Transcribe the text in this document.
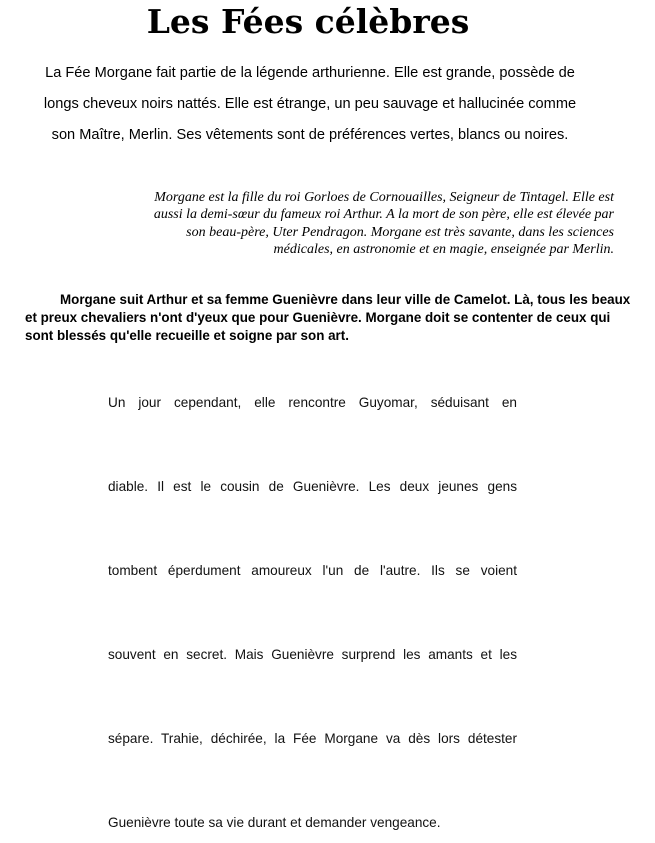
Les Fées célèbres

La Fée Morgane fait partie de la légende arthurienne. Elle est grande, possède de longs cheveux noirs nattés. Elle est étrange, un peu sauvage et hallucinée comme son Maître, Merlin. Ses vêtements sont de préférences vertes, blancs ou noires.

Morgane est la fille du roi Gorloes de Cornouailles, Seigneur de Tintagel. Elle est aussi la demi-sœur du fameux roi Arthur. A la mort de son père, elle est élevée par son beau-père, Uter Pendragon. Morgane est très savante, dans les sciences médicales, en astronomie et en magie, enseignée par Merlin.

Morgane suit Arthur et sa femme Guenièvre dans leur ville de Camelot. Là, tous les beaux et preux chevaliers n'ont d'yeux que pour Guenièvre. Morgane doit se contenter de ceux qui sont blessés qu'elle recueille et soigne par son art.

Un jour cependant, elle rencontre Guyomar, séduisant en

diable. Il est le cousin de Guenièvre. Les deux jeunes gens

tombent éperdument amoureux l'un de l'autre. Ils se voient

souvent en secret. Mais Guenièvre surprend les amants et les

sépare. Trahie, déchirée, la Fée Morgane va dès lors détester

Guenièvre toute sa vie durant et demander vengeance.
